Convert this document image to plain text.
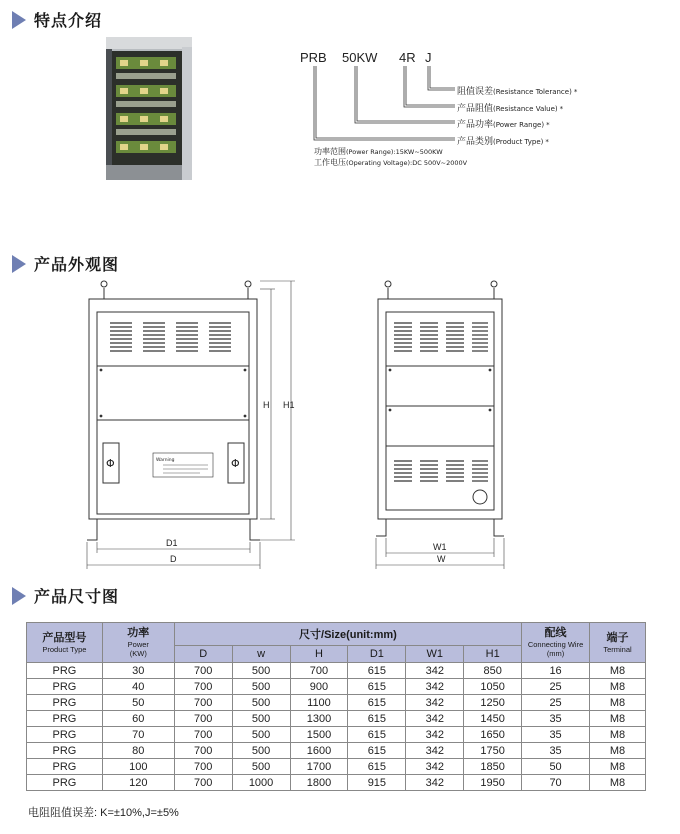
特点介绍
PRB 50KW 4R J
阻值误差(Resistance Tolerance) *
产品阻值(Resistance Value) *
产品功率(Power Range) *
产品类别(Product Type) *
功率范围(Power Range):15KW~500KW
工作电压(Operating Voltage):DC 500V~2000V
产品外观图
Φ	Φ
Warning
D1
D
H H1
W1
W
产品尺寸图
产品型号
Product Type	功率
Power
(KW)	尺寸/Size(unit:mm)						配线
Connecting Wire
(mm)	端子
Terminal

		D	w	H	D1	W1	H1		
PRG	30	700	500	700	615	342	850	16	M8
PRG	40	700	500	900	615	342	1050	25	M8
PRG	50	700	500	1100	615	342	1250	25	M8
PRG	60	700	500	1300	615	342	1450	35	M8
PRG	70	700	500	1500	615	342	1650	35	M8
PRG	80	700	500	1600	615	342	1750	35	M8
PRG	100	700	500	1700	615	342	1850	50	M8
PRG	120	700	1000	1800	915	342	1950	70	M8
电阻阻值误差: K=±10%,J=±5%
